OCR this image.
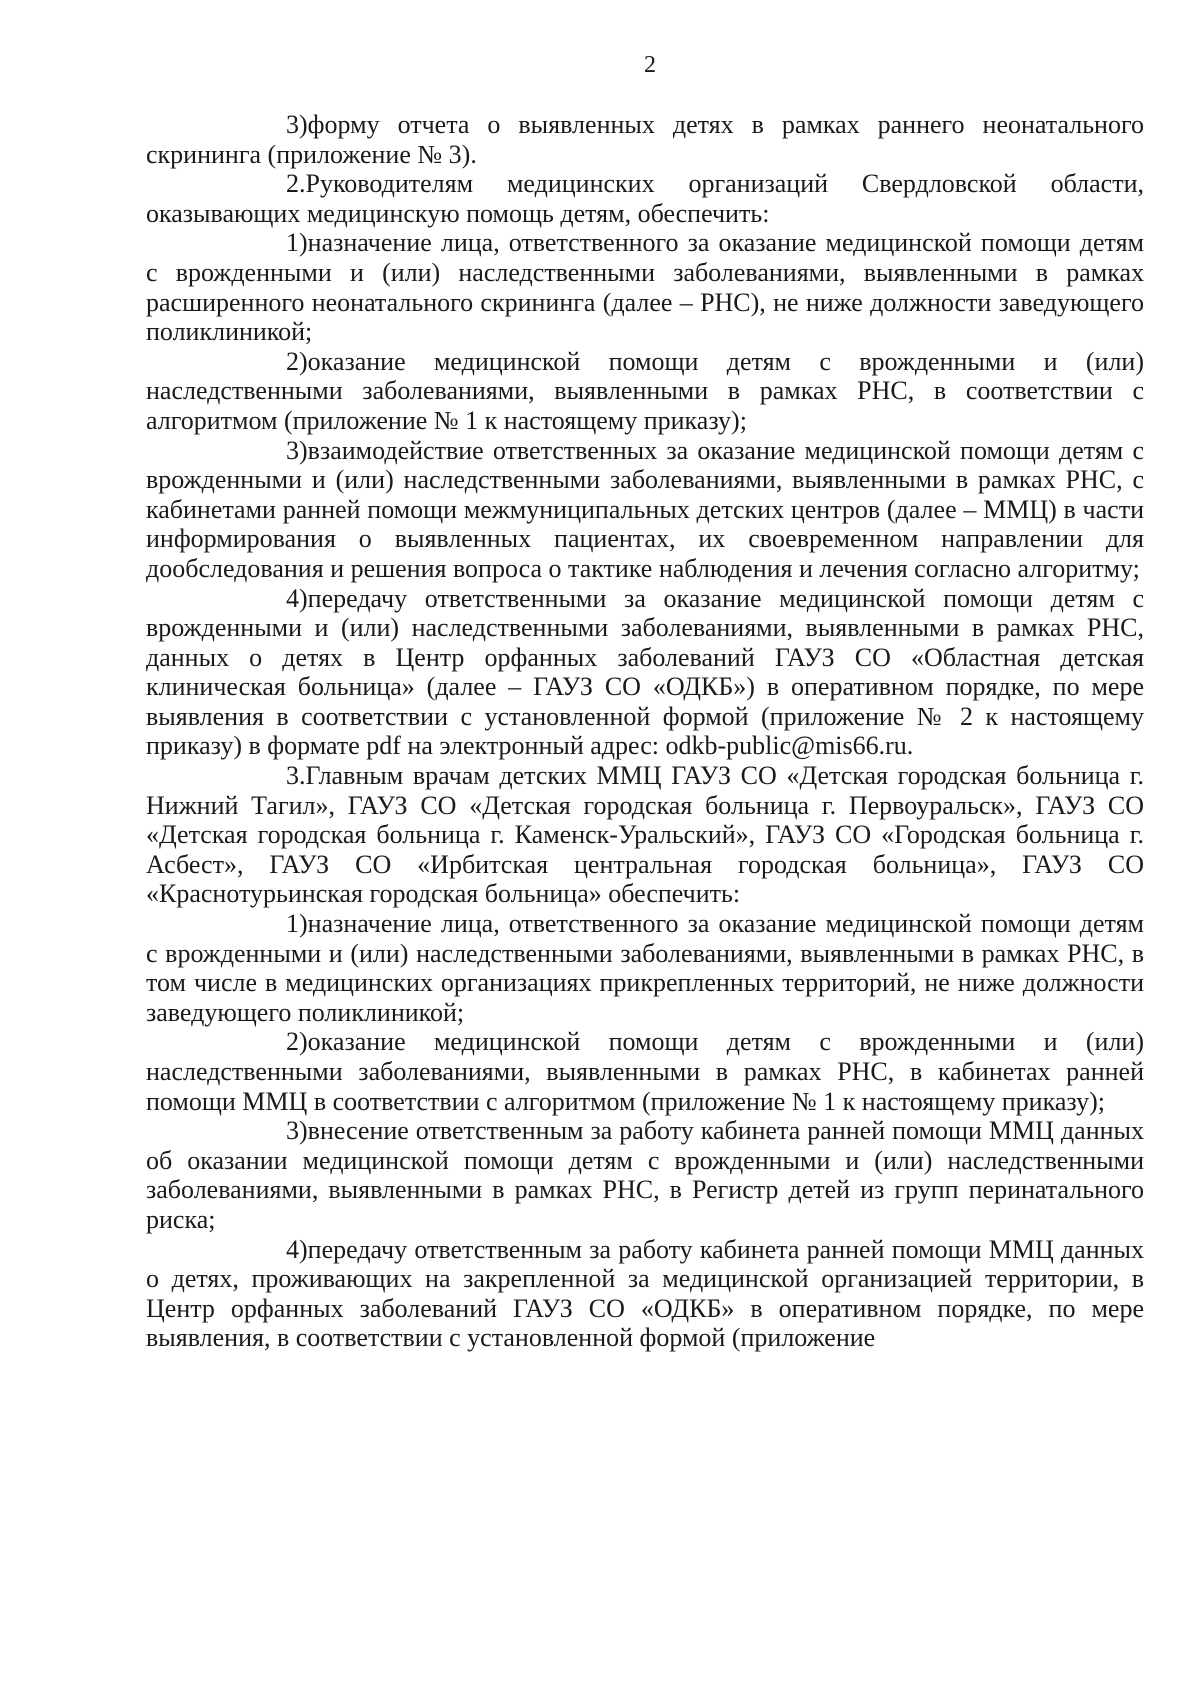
2

3)форму отчета о выявленных детях в рамках раннего неонатального скрининга (приложение № 3).

2.Руководителям медицинских организаций Свердловской области, оказывающих медицинскую помощь детям, обеспечить:

1)назначение лица, ответственного за оказание медицинской помощи детям с врожденными и (или) наследственными заболеваниями, выявленными в рамках расширенного неонатального скрининга (далее – РНС), не ниже должности заведующего поликлиникой;

2)оказание медицинской помощи детям с врожденными и (или) наследственными заболеваниями, выявленными в рамках РНС, в соответствии с алгоритмом (приложение № 1 к настоящему приказу);

3)взаимодействие ответственных за оказание медицинской помощи детям с врожденными и (или) наследственными заболеваниями, выявленными в рамках РНС, с кабинетами ранней помощи межмуниципальных детских центров (далее – ММЦ) в части информирования о выявленных пациентах, их своевременном направлении для дообследования и решения вопроса о тактике наблюдения и лечения согласно алгоритму;

4)передачу ответственными за оказание медицинской помощи детям с врожденными и (или) наследственными заболеваниями, выявленными в рамках РНС, данных о детях в Центр орфанных заболеваний ГАУЗ СО «Областная детская клиническая больница» (далее – ГАУЗ СО «ОДКБ») в оперативном порядке, по мере выявления в соответствии с установленной формой (приложение № 2 к настоящему приказу) в формате pdf на электронный адрес: odkb-public@mis66.ru.

3.Главным врачам детских ММЦ ГАУЗ СО «Детская городская больница г. Нижний Тагил», ГАУЗ СО «Детская городская больница г. Первоуральск», ГАУЗ СО «Детская городская больница г. Каменск-Уральский», ГАУЗ СО «Городская больница г. Асбест», ГАУЗ СО «Ирбитская центральная городская больница», ГАУЗ СО «Краснотурьинская городская больница» обеспечить:

1)назначение лица, ответственного за оказание медицинской помощи детям с врожденными и (или) наследственными заболеваниями, выявленными в рамках РНС, в том числе в медицинских организациях прикрепленных территорий, не ниже должности заведующего поликлиникой;

2)оказание медицинской помощи детям с врожденными и (или) наследственными заболеваниями, выявленными в рамках РНС, в кабинетах ранней помощи ММЦ в соответствии с алгоритмом (приложение № 1 к настоящему приказу);

3)внесение ответственным за работу кабинета ранней помощи ММЦ данных об оказании медицинской помощи детям с врожденными и (или) наследственными заболеваниями, выявленными в рамках РНС, в Регистр детей из групп перинатального риска;

4)передачу ответственным за работу кабинета ранней помощи ММЦ данных о детях, проживающих на закрепленной за медицинской организацией территории, в Центр орфанных заболеваний ГАУЗ СО «ОДКБ» в оперативном порядке, по мере выявления, в соответствии с установленной формой (приложение
